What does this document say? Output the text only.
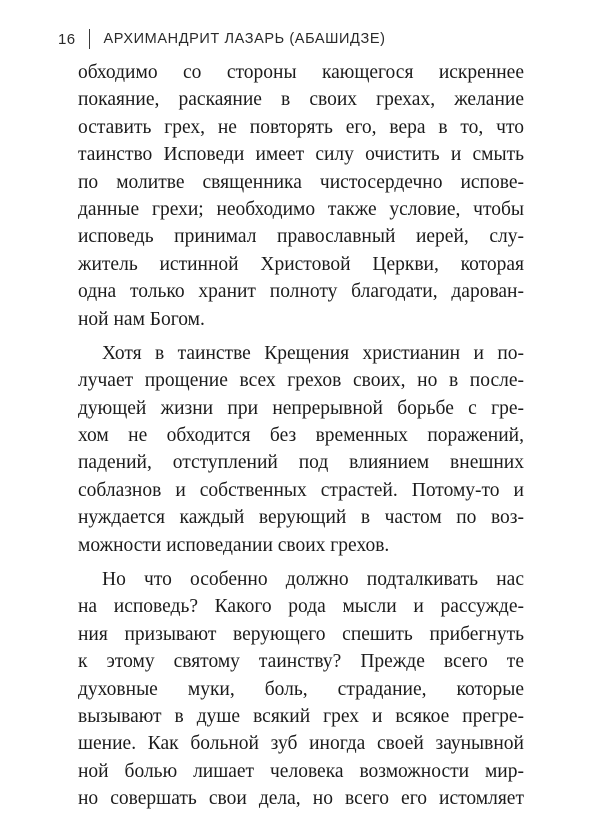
16 АРХИМАНДРИТ ЛАЗАРЬ (АБАШИДЗЕ)
обходимо со стороны кающегося искреннее
покаяние, раскаяние в своих грехах, желание
оставить грех, не повторять его, вера в то, что
таинство Исповеди имеет силу очистить и смыть
по молитве священника чистосердечно испове-
данные грехи; необходимо также условие, чтобы
исповедь принимал православный иерей, слу-
житель истинной Христовой Церкви, которая
одна только хранит полноту благодати, дарован-
ной нам Богом.
Хотя в таинстве Крещения христианин и по-
лучает прощение всех грехов своих, но в после-
дующей жизни при непрерывной борьбе с гре-
хом не обходится без временных поражений,
падений, отступлений под влиянием внешних
соблазнов и собственных страстей. Потому-то и
нуждается каждый верующий в частом по воз-
можности исповедании своих грехов.
Но что особенно должно подталкивать нас
на исповедь? Какого рода мысли и рассужде-
ния призывают верующего спешить прибегнуть
к этому святому таинству? Прежде всего те
духовные муки, боль, страдание, которые
вызывают в душе всякий грех и всякое прегре-
шение. Как больной зуб иногда своей заунывной
ной болью лишает человека возможности мир-
но совершать свои дела, но всего его истомляет
